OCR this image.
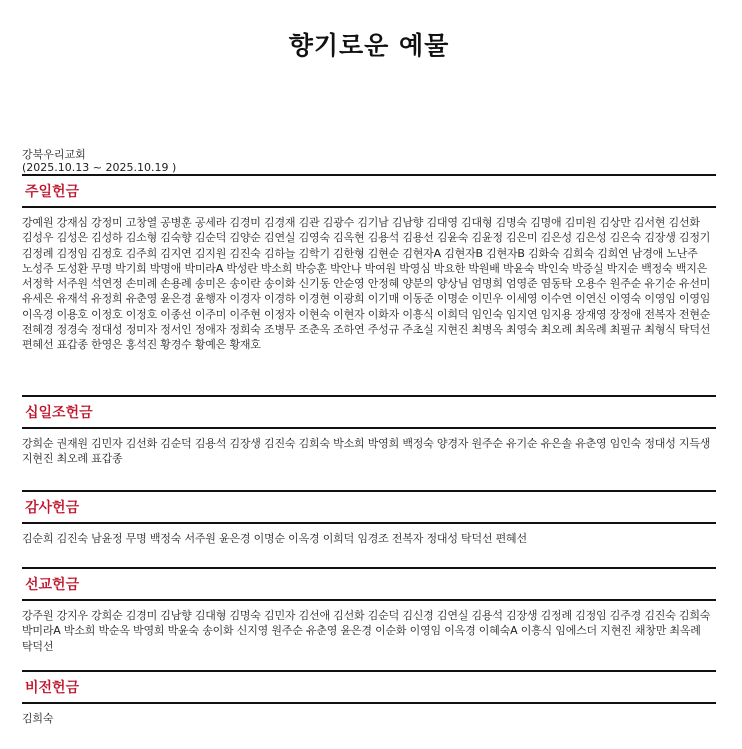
향기로운 예물
강북우리교회
(2025.10.13 ~ 2025.10.19 )
주일헌금
강예원 강재심 강정미 고창열 공병훈 공세라 김경미 김경재 김관 김광수 김기남 김남향 김대영 김대형 김명숙 김명애 김미원 김상만 김서현 김선화 김성우 김성은 김성하 김소형 김숙향 김순덕 김양순 김연실 김영숙 김옥현 김용석 김용선 김윤숙 김윤정 김은미 김은성 김은성 김은숙 김장생 김정기 김정례 김정임 김정호 김주희 김지연 김지원 김진숙 김하늘 김학기 김한형 김현순 김현자A 김현자B 김현자B 김화숙 김희숙 김희연 남경애 노난주 노성주 도성환 무명 박기희 박명애 박미라A 박성란 박소희 박승훈 박안나 박여원 박영심 박요한 박원배 박윤숙 박인숙 박증실 박지순 백정숙 백지은 서정학 서주원 석연정 손미례 손용례 송미은 송이란 송이화 신기동 안순영 안정혜 양분의 양상님 엄명희 엄영준 염동탁 오용수 원주순 유기순 유선미 유세은 유재석 유정희 유춘영 윤은경 윤행자 이경자 이경하 이경현 이광희 이기매 이동준 이명순 이민우 이세영 이수연 이연신 이영숙 이영임 이영임 이옥경 이용호 이정호 이정호 이종선 이주미 이주현 이정자 이현숙 이현자 이화자 이흥식 이희덕 임인숙 임지연 임지용 장재영 장정애 전복자 전현순 전혜경 정경숙 정대성 정미자 정서인 정애자 정희숙 조병무 조춘옥 조하연 주성규 주초실 지현진 최병옥 최영숙 최오례 최옥례 최필규 최형식 탁덕선 편혜선 표갑종 한영은 홍석진 황경수 황예은 황재호
십일조헌금
강희순 권재원 김민자 김선화 김순덕 김용석 김장생 김진숙 김희숙 박소희 박영희 백정숙 양경자 원주순 유기순 유은솔 유춘영 임인숙 정대성 지득생 지현진 최오례 표갑종
감사헌금
김순희 김진숙 남윤정 무명 백정숙 서주원 윤은경 이명순 이옥경 이희덕 임경조 전복자 정대성 탁덕선 편혜선
선교헌금
강주원 강지우 강희순 김경미 김남향 김대형 김명숙 김민자 김선애 김선화 김순덕 김신경 김연실 김용석 김장생 김정례 김정임 김주경 김진숙 김희숙 박미라A 박소희 박순옥 박영희 박윤숙 송이화 신지영 원주순 유춘영 윤은경 이순화 이영임 이옥경 이혜숙A 이흥식 임에스더 지현진 채창만 최옥례 탁덕선
비전헌금
김희숙
